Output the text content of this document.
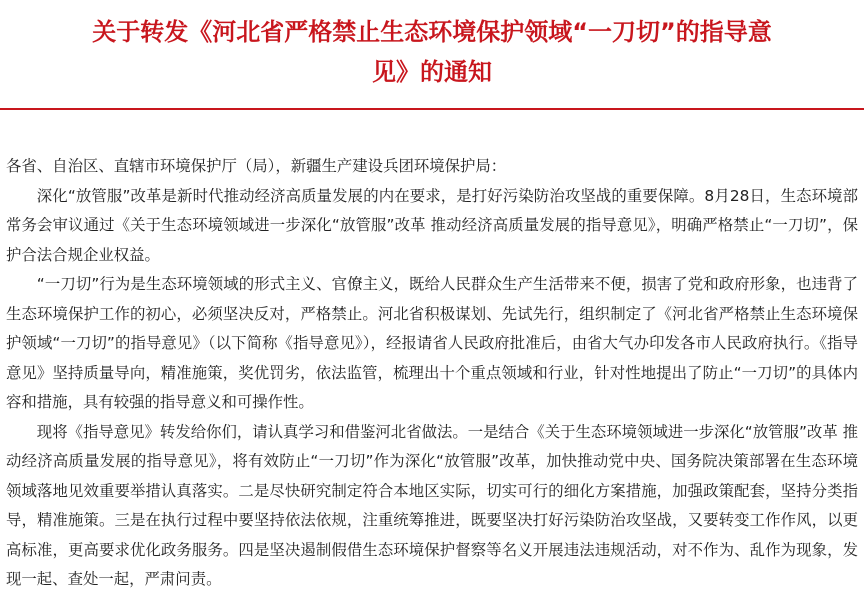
关于转发《河北省严格禁止生态环境保护领域“一刀切”的指导意
见》的通知

各省、自治区、直辖市环境保护厅（局），新疆生产建设兵团环境保护局：

深化“放管服”改革是新时代推动经济高质量发展的内在要求，是打好污染防治攻坚战的重要保障。8月28日，生态环境部常务会审议通过《关于生态环境领域进一步深化“放管服”改革 推动经济高质量发展的指导意见》，明确严格禁止“一刀切”，保护合法合规企业权益。

“一刀切”行为是生态环境领域的形式主义、官僚主义，既给人民群众生产生活带来不便，损害了党和政府形象，也违背了生态环境保护工作的初心，必须坚决反对，严格禁止。河北省积极谋划、先试先行，组织制定了《河北省严格禁止生态环境保护领域“一刀切”的指导意见》（以下简称《指导意见》），经报请省人民政府批准后，由省大气办印发各市人民政府执行。《指导意见》坚持质量导向，精准施策，奖优罚劣，依法监管，梳理出十个重点领域和行业，针对性地提出了防止“一刀切”的具体内容和措施，具有较强的指导意义和可操作性。

现将《指导意见》转发给你们，请认真学习和借鉴河北省做法。一是结合《关于生态环境领域进一步深化“放管服”改革 推动经济高质量发展的指导意见》，将有效防止“一刀切”作为深化“放管服”改革，加快推动党中央、国务院决策部署在生态环境领域落地见效重要举措认真落实。二是尽快研究制定符合本地区实际，切实可行的细化方案措施，加强政策配套，坚持分类指导，精准施策。三是在执行过程中要坚持依法依规，注重统筹推进，既要坚决打好污染防治攻坚战，又要转变工作作风，以更高标准，更高要求优化政务服务。四是坚决遏制假借生态环境保护督察等名义开展违法违规活动，对不作为、乱作为现象，发现一起、查处一起，严肃问责。
